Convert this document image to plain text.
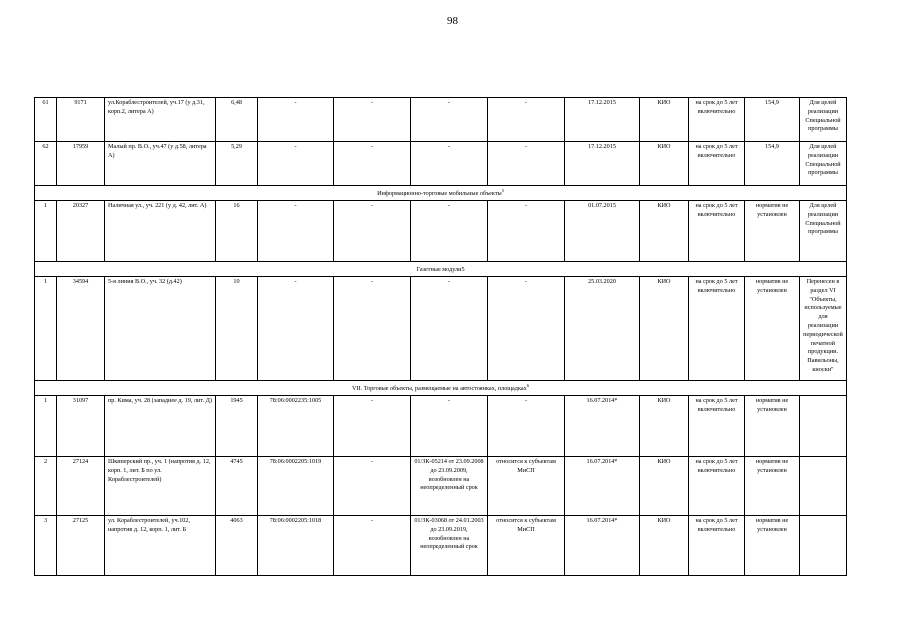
98
61	9171	ул.Кораблестроителей, уч.17 (у д.31, корп.2, литера А)	6,48	-	-	-	-	17.12.2015	КИО	на срок до 5 лет включительно	154,9	Для целей реализации Специальной программы
62	17959	Малый пр. В.О., уч.47 (у д.58, литера А)	5,29	-	-	-	-	17.12.2015	КИО	на срок до 5 лет включительно	154,9	Для целей реализации Специальной программы
Информационно-торговые мобильные объекты$^5$
1	20327	Наличная ул., уч. 221 (у д. 42, лит. А)	16	-	-	-	-	01.07.2015	КИО	на срок до 5 лет включительно	норматив не установлен	Для целей реализации Специальной программы
Газетные модули5												
1	34594	5-я линия В.О., уч. 32 (д.42)	10	-	-	-	-	25.03.2020	КИО	на срок до 5 лет включительно	норматив не установлен	Перенесен в раздел VI "Объекты, используемые для реализации периодической печатной продукции. Павильоны, киоски"
VII. Торговые объекты, размещаемые на автостоянках, площадках$^6$
1	31097	пр. Кима, уч. 28 (западнее д. 19, лит. Д)	1945	78:06:0002235:1005	-	-	-	16.07.2014*	КИО	на срок до 5 лет включительно	норматив не установлен	
2	27124	Шкиперский пр., уч. 1 (напротив д. 12, корп. 1, лит. Б по ул. Кораблестроителей)	4745	78:06:0002205:1019	-	01/ЗК-05214 от 23.09.2008 до 23.09.2009, возобновлен на неопределенный срок	относится к субъектам МиСП	16.07.2014*	КИО	на срок до 5 лет включительно	норматив не установлен	
3	27125	ул. Кораблестроителей, уч.102, напротив д. 12, корп. 1, лит. Б	4063	78:06:0002205:1018	-	01/ЗК-03068 от 24.01.2003 до 23.09.2019, возобновлен на неопределенный срок	относится к субъектам МиСП	16.07.2014*	КИО	на срок до 5 лет включительно	норматив не установлен	
